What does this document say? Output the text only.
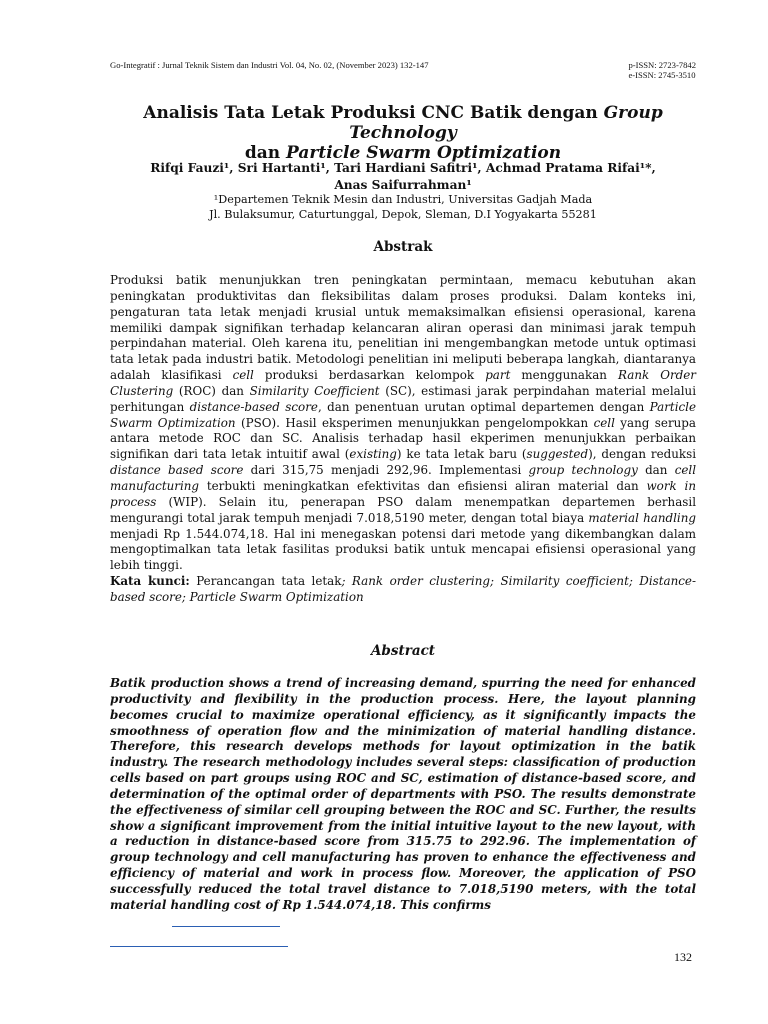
Go-Integratif : Jurnal Teknik Sistem dan Industri Vol. 04, No. 02, (November 2023) 132-147	p-ISSN: 2723-7842
e-ISSN: 2745-3510
Analisis Tata Letak Produksi CNC Batik dengan Group Technology
dan Particle Swarm Optimization
Rifqi Fauzi¹, Sri Hartanti¹, Tari Hardiani Safitri¹, Achmad Pratama Rifai¹*,
Anas Saifurrahman¹
¹Departemen Teknik Mesin dan Industri, Universitas Gadjah Mada
Jl. Bulaksumur, Caturtunggal, Depok, Sleman, D.I Yogyakarta 55281
Abstrak
Produksi batik menunjukkan tren peningkatan permintaan, memacu kebutuhan akan peningkatan produktivitas dan fleksibilitas dalam proses produksi. Dalam konteks ini, pengaturan tata letak menjadi krusial untuk memaksimalkan efisiensi operasional, karena memiliki dampak signifikan terhadap kelancaran aliran operasi dan minimasi jarak tempuh perpindahan material. Oleh karena itu, penelitian ini mengembangkan metode untuk optimasi tata letak pada industri batik. Metodologi penelitian ini meliputi beberapa langkah, diantaranya adalah klasifikasi cell produksi berdasarkan kelompok part menggunakan Rank Order Clustering (ROC) dan Similarity Coefficient (SC), estimasi jarak perpindahan material melalui perhitungan distance-based score, dan penentuan urutan optimal departemen dengan Particle Swarm Optimization (PSO). Hasil eksperimen menunjukkan pengelompokkan cell yang serupa antara metode ROC dan SC. Analisis terhadap hasil ekperimen menunjukkan perbaikan signifikan dari tata letak intuitif awal (existing) ke tata letak baru (suggested), dengan reduksi distance based score dari 315,75 menjadi 292,96. Implementasi group technology dan cell manufacturing terbukti meningkatkan efektivitas dan efisiensi aliran material dan work in process (WIP). Selain itu, penerapan PSO dalam menempatkan departemen berhasil mengurangi total jarak tempuh menjadi 7.018,5190 meter, dengan total biaya material handling menjadi Rp 1.544.074,18. Hal ini menegaskan potensi dari metode yang dikembangkan dalam mengoptimalkan tata letak fasilitas produksi batik untuk mencapai efisiensi operasional yang lebih tinggi.
Kata kunci: Perancangan tata letak; Rank order clustering; Similarity coefficient; Distance-based score; Particle Swarm Optimization
Abstract
Batik production shows a trend of increasing demand, spurring the need for enhanced productivity and flexibility in the production process. Here, the layout planning becomes crucial to maximize operational efficiency, as it significantly impacts the smoothness of operation flow and the minimization of material handling distance. Therefore, this research develops methods for layout optimization in the batik industry. The research methodology includes several steps: classification of production cells based on part groups using ROC and SC, estimation of distance-based score, and determination of the optimal order of departments with PSO. The results demonstrate the effectiveness of similar cell grouping between the ROC and SC. Further, the results show a significant improvement from the initial intuitive layout to the new layout, with a reduction in distance-based score from 315.75 to 292.96. The implementation of group technology and cell manufacturing has proven to enhance the effectiveness and efficiency of material and work in process flow. Moreover, the application of PSO successfully reduced the total travel distance to 7.018,5190 meters, with the total material handling cost of Rp 1.544.074,18. This confirms
132
